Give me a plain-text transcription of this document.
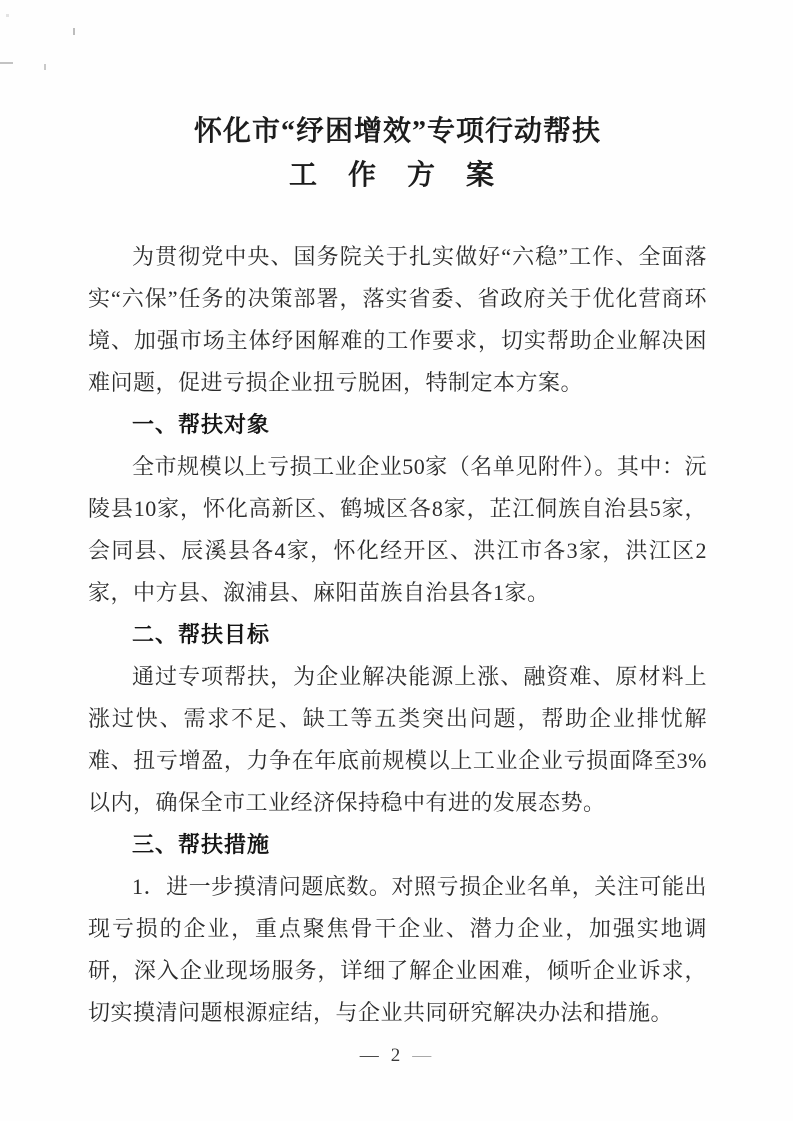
怀化市“纾困增效”专项行动帮扶
工 作 方 案

为贯彻党中央、国务院关于扎实做好“六稳”工作、全面落实“六保”任务的决策部署，落实省委、省政府关于优化营商环境、加强市场主体纾困解难的工作要求，切实帮助企业解决困难问题，促进亏损企业扭亏脱困，特制定本方案。

一、帮扶对象

全市规模以上亏损工业企业50家（名单见附件）。其中：沅陵县10家，怀化高新区、鹤城区各8家，芷江侗族自治县5家，会同县、辰溪县各4家，怀化经开区、洪江市各3家，洪江区2家，中方县、溆浦县、麻阳苗族自治县各1家。

二、帮扶目标

通过专项帮扶，为企业解决能源上涨、融资难、原材料上涨过快、需求不足、缺工等五类突出问题，帮助企业排忧解难、扭亏增盈，力争在年底前规模以上工业企业亏损面降至3%以内，确保全市工业经济保持稳中有进的发展态势。

三、帮扶措施

1．进一步摸清问题底数。对照亏损企业名单，关注可能出现亏损的企业，重点聚焦骨干企业、潜力企业，加强实地调研，深入企业现场服务，详细了解企业困难，倾听企业诉求，切实摸清问题根源症结，与企业共同研究解决办法和措施。

— 2 —
